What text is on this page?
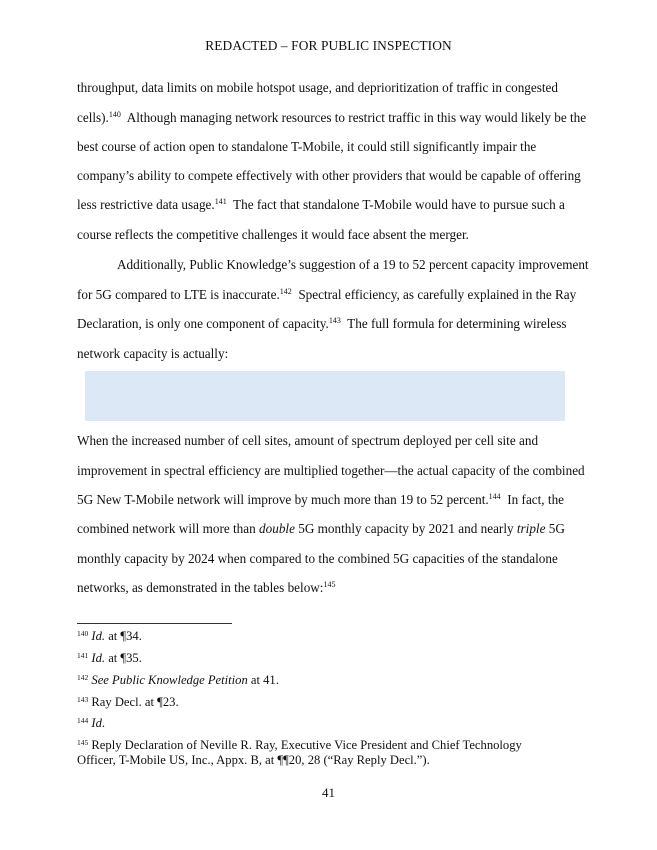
REDACTED – FOR PUBLIC INSPECTION
throughput, data limits on mobile hotspot usage, and deprioritization of traffic in congested
cells).$^{140}$  Although managing network resources to restrict traffic in this way would likely be the
best course of action open to standalone T-Mobile, it could still significantly impair the
company’s ability to compete effectively with other providers that would be capable of offering
less restrictive data usage.$^{141}$  The fact that standalone T-Mobile would have to pursue such a
course reflects the competitive challenges it would face absent the merger.
Additionally, Public Knowledge’s suggestion of a 19 to 52 percent capacity improvement
for 5G compared to LTE is inaccurate.$^{142}$  Spectral efficiency, as carefully explained in the Ray
Declaration, is only one component of capacity.$^{143}$  The full formula for determining wireless
network capacity is actually:
When the increased number of cell sites, amount of spectrum deployed per cell site and
improvement in spectral efficiency are multiplied together—the actual capacity of the combined
5G New T-Mobile network will improve by much more than 19 to 52 percent.$^{144}$  In fact, the
combined network will more than double 5G monthly capacity by 2021 and nearly triple 5G
monthly capacity by 2024 when compared to the combined 5G capacities of the standalone
networks, as demonstrated in the tables below:$^{145}$
$^{140}$ Id. at ¶34.
$^{141}$ Id. at ¶35.
$^{142}$ See Public Knowledge Petition at 41.
$^{143}$ Ray Decl. at ¶23.
$^{144}$ Id.
$^{145}$ Reply Declaration of Neville R. Ray, Executive Vice President and Chief Technology
Officer, T-Mobile US, Inc., Appx. B, at ¶¶20, 28 (“Ray Reply Decl.”).
41
